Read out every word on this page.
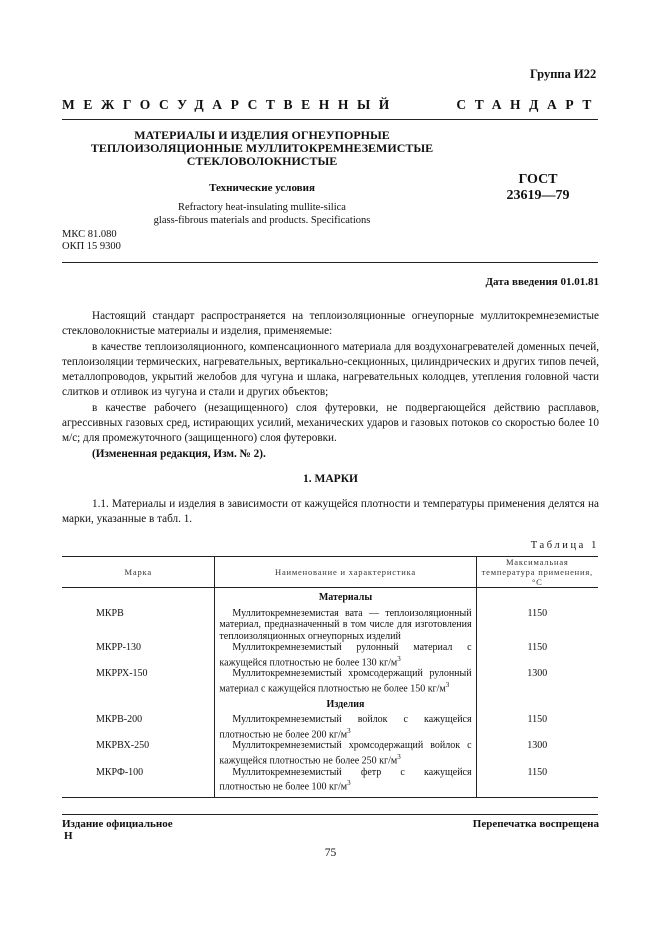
Группа И22
МЕЖГОСУДАРСТВЕННЫЙ	СТАНДАРТ
МАТЕРИАЛЫ И ИЗДЕЛИЯ ОГНЕУПОРНЫЕ
ТЕПЛОИЗОЛЯЦИОННЫЕ МУЛЛИТОКРЕМНЕЗЕМИСТЫЕ
СТЕКЛОВОЛОКНИСТЫЕ
ГОСТ
23619—79
Технические условия
Refractory heat-insulating mullite-silica
glass-fibrous materials and products. Specifications
МКС 81.080
ОКП 15 9300
Дата введения 01.01.81

Настоящий стандарт распространяется на теплоизоляционные огнеупорные муллитокремнеземистые стекловолокнистые материалы и изделия, применяемые:

в качестве теплоизоляционного, компенсационного материала для воздухонагревателей доменных печей, теплоизоляции термических, нагревательных, вертикально-секционных, цилиндрических и других типов печей, металлопроводов, укрытий желобов для чугуна и шлака, нагревательных колодцев, утепления головной части слитков и отливок из чугуна и стали и других объектов;

в качестве рабочего (незащищенного) слоя футеровки, не подвергающейся действию расплавов, агрессивных газовых сред, истирающих усилий, механических ударов и газовых потоков со скоростью более 10 м/с; для промежуточного (защищенного) слоя футеровки.

(Измененная редакция, Изм. № 2).

1. МАРКИ

1.1. Материалы и изделия в зависимости от кажущейся плотности и температуры применения делятся на марки, указанные в табл. 1.

Таблица 1
Марка	Наименование и характеристика	Максимальная температура применения, °С
	Материалы	
МКРВ	Муллитокремнеземистая вата — теплоизоляционный материал, предназначенный в том числе для изготовления теплоизоляционных огнеупорных изделий	1150
МКРР-130	Муллитокремнеземистый рулонный материал с кажущейся плотностью не более 130 $кг/м^3$	1150
МКРРХ-150	Муллитокремнеземистый хромсодержащий рулонный материал с кажущейся плотностью не более 150 $кг/м^3$	1300
	Изделия	
МКРВ-200	Муллитокремнеземистый войлок с кажущейся плотностью не более 200 $кг/м^3$	1150
МКРВХ-250	Муллитокремнеземистый хромсодержащий войлок с кажущейся плотностью не более 250 $кг/м^3$	1300
МКРФ-100	Муллитокремнеземистый фетр с кажущейся плотностью не более 100 $кг/м^3$	1150
Издание официальное
Н
Перепечатка воспрещена
75
